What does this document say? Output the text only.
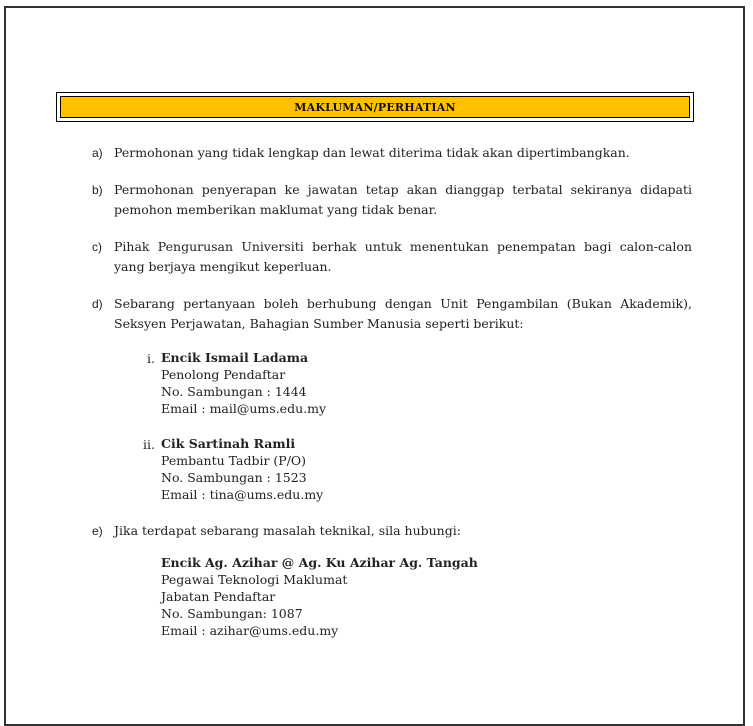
MAKLUMAN/PERHATIAN
a) Permohonan yang tidak lengkap dan lewat diterima tidak akan dipertimbangkan.
b) Permohonan penyerapan ke jawatan tetap akan dianggap terbatal sekiranya didapati pemohon memberikan maklumat yang tidak benar.
c) Pihak Pengurusan Universiti berhak untuk menentukan penempatan bagi calon-calon yang berjaya mengikut keperluan.
d) Sebarang pertanyaan boleh berhubung dengan Unit Pengambilan (Bukan Akademik), Seksyen Perjawatan, Bahagian Sumber Manusia seperti berikut:
i. Encik Ismail Ladama
Penolong Pendaftar
No. Sambungan : 1444
Email : mail@ums.edu.my
ii. Cik Sartinah Ramli
Pembantu Tadbir (P/O)
No. Sambungan : 1523
Email : tina@ums.edu.my
e) Jika terdapat sebarang masalah teknikal, sila hubungi:
Encik Ag. Azihar @ Ag. Ku Azihar Ag. Tangah
Pegawai Teknologi Maklumat
Jabatan Pendaftar
No. Sambungan: 1087
Email : azihar@ums.edu.my
